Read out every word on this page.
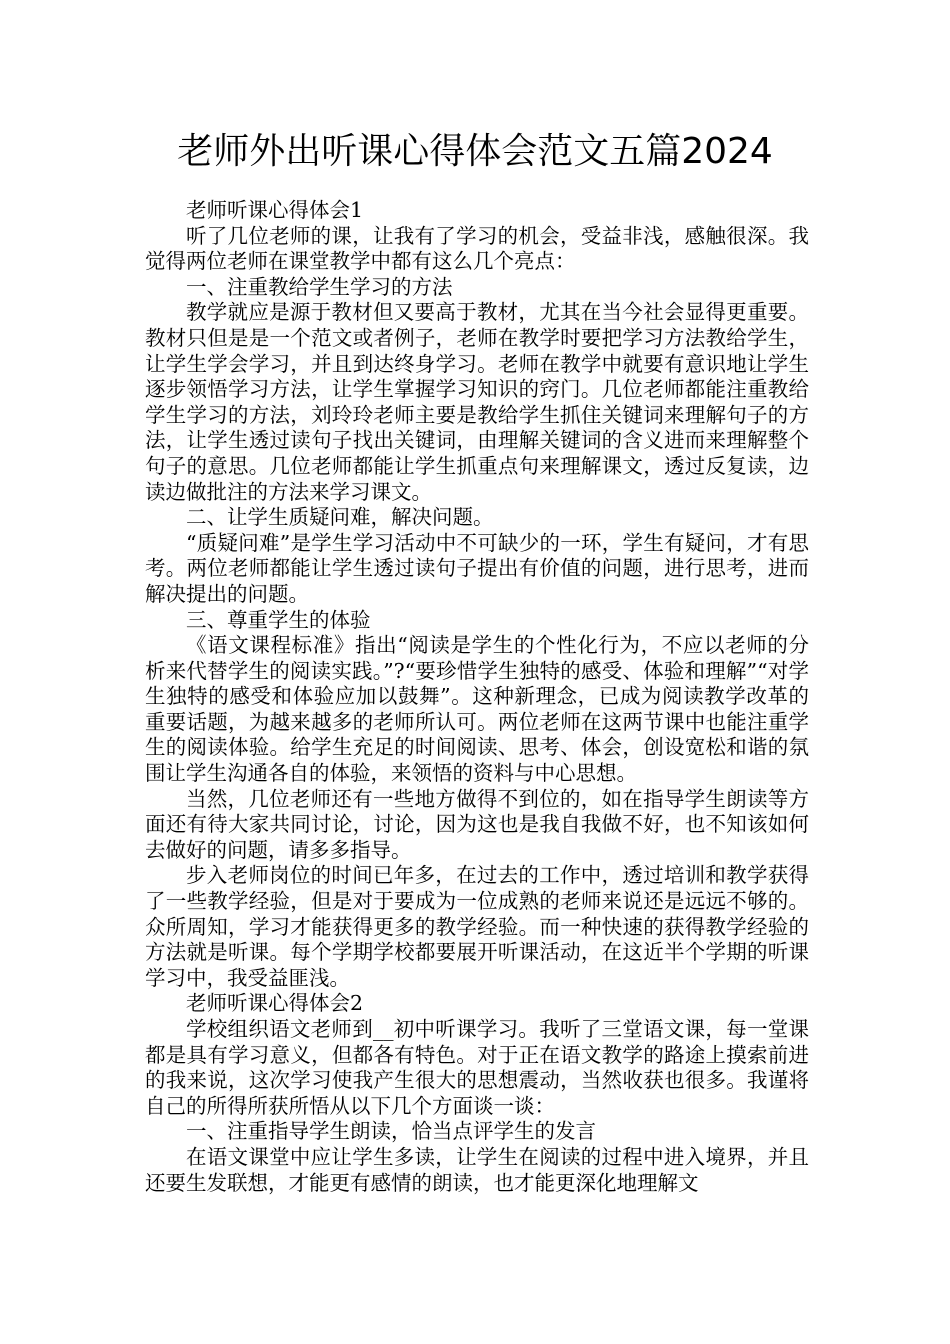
老师外出听课心得体会范文五篇2024

老师听课心得体会1

听了几位老师的课，让我有了学习的机会，受益非浅，感触很深。我觉得两位老师在课堂教学中都有这么几个亮点：

一、注重教给学生学习的方法

教学就应是源于教材但又要高于教材，尤其在当今社会显得更重要。教材只但是是一个范文或者例子，老师在教学时要把学习方法教给学生，让学生学会学习，并且到达终身学习。老师在教学中就要有意识地让学生逐步领悟学习方法，让学生掌握学习知识的窍门。几位老师都能注重教给学生学习的方法，刘玲玲老师主要是教给学生抓住关键词来理解句子的方法，让学生透过读句子找出关键词，由理解关键词的含义进而来理解整个句子的意思。几位老师都能让学生抓重点句来理解课文，透过反复读，边读边做批注的方法来学习课文。

二、让学生质疑问难，解决问题。

“质疑问难”是学生学习活动中不可缺少的一环，学生有疑问，才有思考。两位老师都能让学生透过读句子提出有价值的问题，进行思考，进而解决提出的问题。

三、尊重学生的体验

《语文课程标准》指出“阅读是学生的个性化行为，不应以老师的分析来代替学生的阅读实践。”?“要珍惜学生独特的感受、体验和理解”“对学生独特的感受和体验应加以鼓舞”。这种新理念，已成为阅读教学改革的重要话题，为越来越多的老师所认可。两位老师在这两节课中也能注重学生的阅读体验。给学生充足的时间阅读、思考、体会，创设宽松和谐的氛围让学生沟通各自的体验，来领悟的资料与中心思想。

当然，几位老师还有一些地方做得不到位的，如在指导学生朗读等方面还有待大家共同讨论，讨论，因为这也是我自我做不好，也不知该如何去做好的问题，请多多指导。

步入老师岗位的时间已年多，在过去的工作中，透过培训和教学获得了一些教学经验，但是对于要成为一位成熟的老师来说还是远远不够的。众所周知，学习才能获得更多的教学经验。而一种快速的获得教学经验的方法就是听课。每个学期学校都要展开听课活动，在这近半个学期的听课学习中，我受益匪浅。

老师听课心得体会2

学校组织语文老师到__初中听课学习。我听了三堂语文课，每一堂课都是具有学习意义，但都各有特色。对于正在语文教学的路途上摸索前进的我来说，这次学习使我产生很大的思想震动，当然收获也很多。我谨将自己的所得所获所悟从以下几个方面谈一谈：

一、注重指导学生朗读，恰当点评学生的发言

在语文课堂中应让学生多读，让学生在阅读的过程中进入境界，并且还要生发联想，才能更有感情的朗读，也才能更深化地理解文
